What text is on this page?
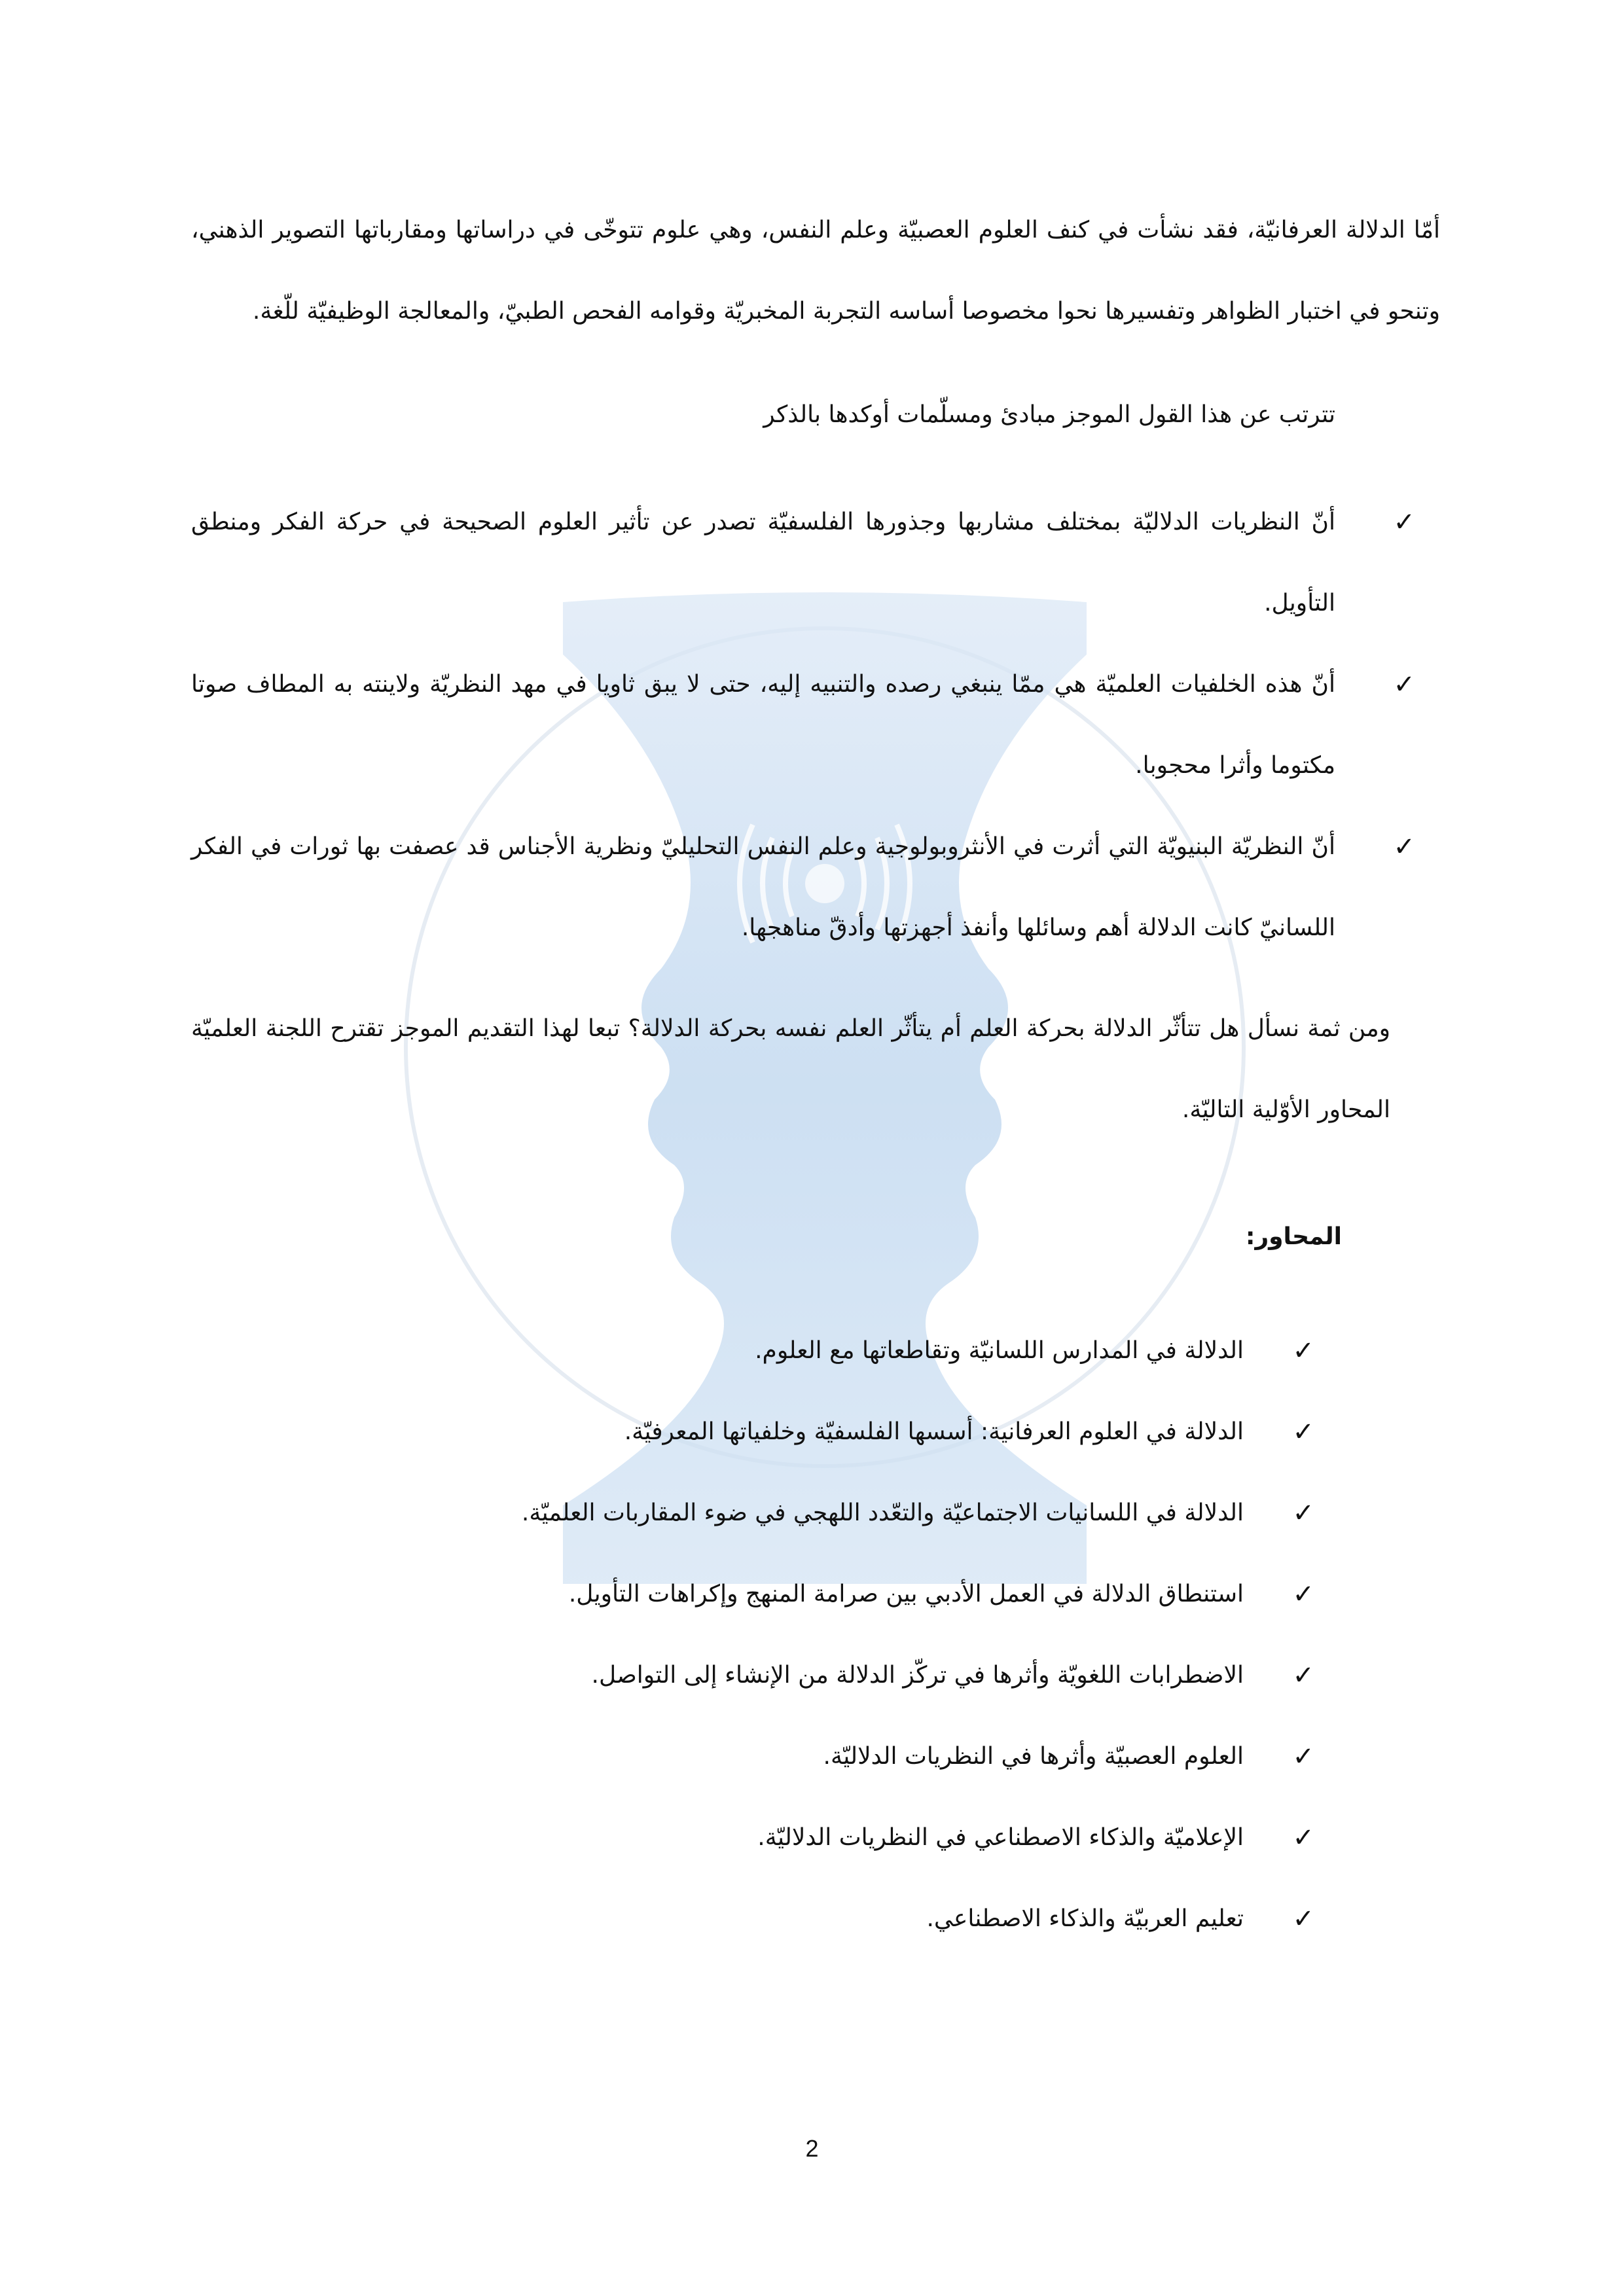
أمّا الدلالة العرفانيّة، فقد نشأت في كنف العلوم العصبيّة وعلم النفس، وهي علوم تتوخّى في دراساتها ومقارباتها التصوير الذهني، وتنحو في اختبار الظواهر وتفسيرها نحوا مخصوصا أساسه التجربة المخبريّة وقوامه الفحص الطبيّ، والمعالجة الوظيفيّة للّغة.

تترتب عن هذا القول الموجز مبادئ ومسلّمات أوكدها بالذكر

✓
أنّ النظريات الدلاليّة بمختلف مشاربها وجذورها الفلسفيّة تصدر عن تأثير العلوم الصحيحة في حركة الفكر ومنطق التأويل.
✓
أنّ هذه الخلفيات العلميّة هي ممّا ينبغي رصده والتنبيه إليه، حتى لا يبق ثاويا في مهد النظريّة ولاينته به المطاف صوتا مكتوما وأثرا محجوبا.
✓
أنّ النظريّة البنيويّة التي أثرت في الأنثروبولوجية وعلم النفس التحليليّ ونظرية الأجناس قد عصفت بها ثورات في الفكر اللسانيّ كانت الدلالة أهم وسائلها وأنفذ أجهزتها وأدقّ مناهجها.

ومن ثمة نسأل هل تتأثّر الدلالة بحركة العلم أم يتأثّر العلم نفسه بحركة الدلالة؟ تبعا لهذا التقديم الموجز تقترح اللجنة العلميّة المحاور الأوّلية التاليّة.

المحاور:

✓
الدلالة في المدارس اللسانيّة وتقاطعاتها مع العلوم.
✓
الدلالة في العلوم العرفانية: أسسها الفلسفيّة وخلفياتها المعرفيّة.
✓
الدلالة في اللسانيات الاجتماعيّة والتعّدد اللهجي في ضوء المقاربات العلميّة.
✓
استنطاق الدلالة في العمل الأدبي بين صرامة المنهج وإكراهات التأويل.
✓
الاضطرابات اللغويّة وأثرها في تركّز الدلالة من الإنشاء إلى التواصل.
✓
العلوم العصبيّة وأثرها في النظريات الدلاليّة.
✓
الإعلاميّة والذكاء الاصطناعي في النظريات الدلاليّة.
✓
تعليم العربيّة والذكاء الاصطناعي.
2
